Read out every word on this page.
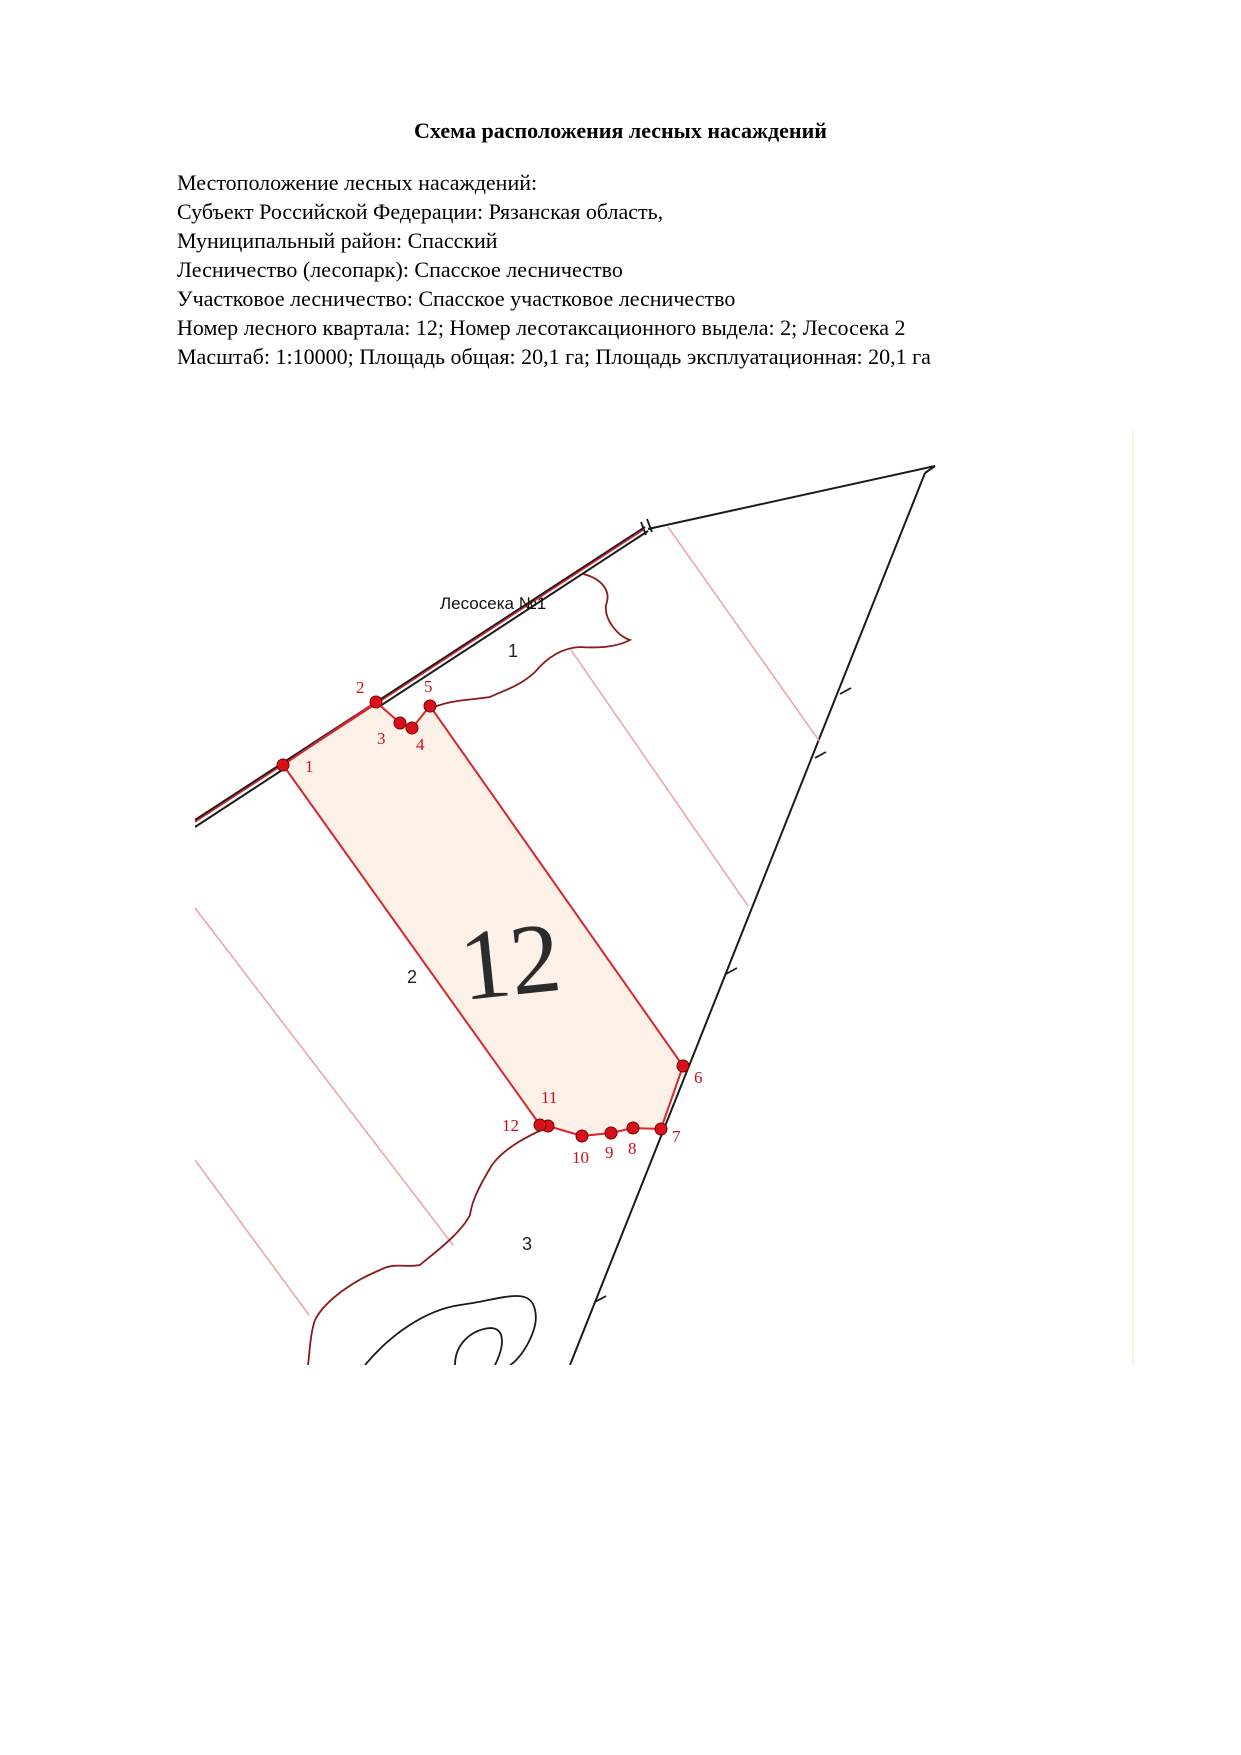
Схема расположения лесных насаждений
Местоположение лесных насаждений:
Субъект Российской Федерации: Рязанская область,
Муниципальный район: Спасский
Лесничество (лесопарк): Спасское лесничество
Участковое лесничество: Спасское участковое лесничество
Номер лесного квартала: 12; Номер лесотаксационного выдела: 2; Лесосека 2
Масштаб: 1:10000; Площадь общая: 20,1 га; Площадь эксплуатационная: 20,1 га
1
2
3 4
5
6
7
8
9
10
11
12
1
2
3
Лесосека №1
12
